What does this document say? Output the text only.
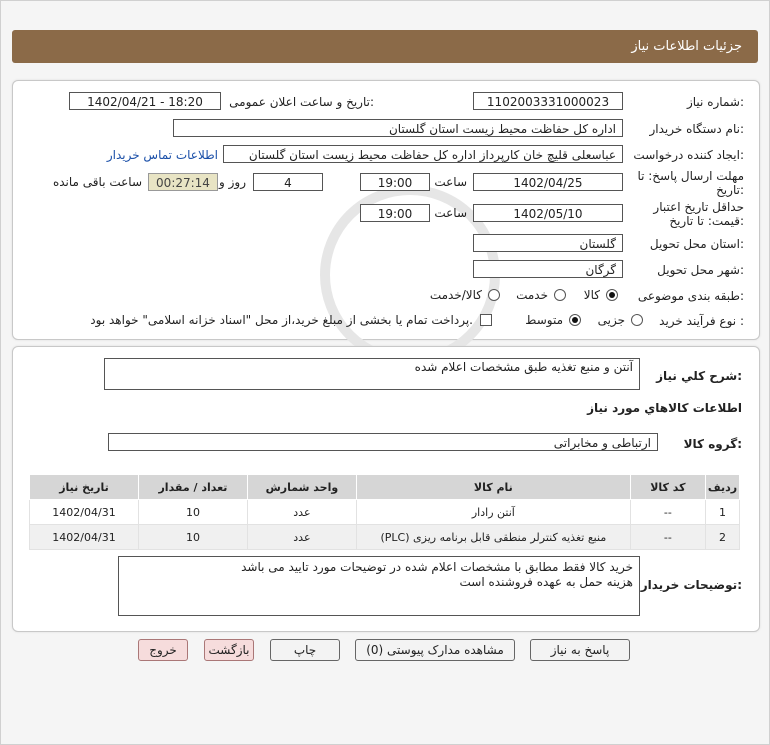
جزئیات اطلاعات نیاز
شماره نیاز:
1102003331000023
تاریخ و ساعت اعلان عمومی:
1402/04/21 - 18:20
نام دستگاه خریدار:
اداره کل حفاظت محیط زیست استان گلستان
ایجاد کننده درخواست:
عباسعلی قلیچ خان کارپرداز اداره کل حفاظت محیط زیست استان گلستان
اطلاعات تماس خریدار
مهلت ارسال پاسخ: تا تاریخ:
1402/04/25
ساعت
19:00
4
روز و
00:27:14
ساعت باقی مانده
حداقل تاریخ اعتبار قیمت: تا تاریخ:
1402/05/10
ساعت
19:00
استان محل تحویل:
گلستان
شهر محل تحویل:
گرگان
طبقه بندی موضوعی:
کالا
خدمت
کالا/خدمت
نوع فرآیند خرید :
جزیی
متوسط
پرداخت تمام یا بخشی از مبلغ خرید،از محل "اسناد خزانه اسلامی" خواهد بود.
شرح کلي نياز:
آنتن و منبع تغذیه طبق مشخصات اعلام شده
اطلاعات کالاهاي مورد نياز
گروه کالا:
ارتباطی و مخابراتی
ردیف	کد کالا	نام کالا	واحد شمارش	تعداد / مقدار	تاریخ نیاز
1	--	آنتن رادار	عدد	10	1402/04/31
2	--	منبع تغذیه کنترلر منطقی قابل برنامه ریزی (PLC)	عدد	10	1402/04/31
توضیحات خریدار:
خرید کالا فقط مطابق با مشخصات اعلام شده در توضیحات مورد تایید می باشد
هزینه حمل به عهده فروشنده است
پاسخ به نیاز
مشاهده مدارک پیوستی (0)
چاپ
بازگشت
خروج
